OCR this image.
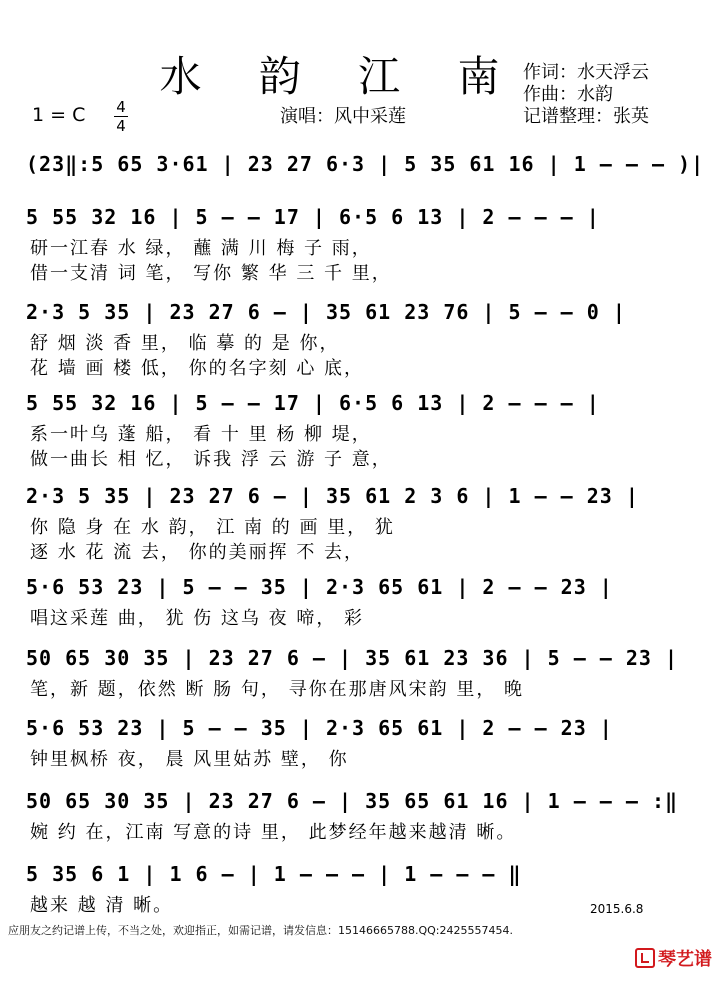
水 韵 江 南 作词：水天浮云
作曲：水韵
记谱整理：张英
1 = C 4
4	演唱：风中采莲
(23‖:5 65 3·61 | 23 27 6·3 | 5 35 61 16 | 1 — — — )|
5 55 32 16 | 5 — — 17 | 6·5 6 13 | 2 — — — |
研一江春 水 绿， 蘸 满 川 梅 子 雨，
借一支清 词 笔， 写你 繁 华 三 千 里，
2·3 5 35 | 23 27 6 — | 35 61 23 76 | 5 — — 0 |
舒 烟 淡 香 里， 临 摹 的 是 你，
花 墙 画 楼 低， 你的名字刻 心 底，
5 55 32 16 | 5 — — 17 | 6·5 6 13 | 2 — — — |
系一叶乌 蓬 船， 看 十 里 杨 柳 堤，
做一曲长 相 忆， 诉我 浮 云 游 子 意，
2·3 5 35 | 23 27 6 — | 35 61 2 3 6 | 1 — — 23 |
你 隐 身 在 水 韵， 江 南 的 画 里， 犹
逐 水 花 流 去， 你的美丽挥 不 去，
5·6 53 23 | 5 — — 35 | 2·3 65 61 | 2 — — 23 |
唱这采莲 曲， 犹 伤 这乌 夜 啼， 彩
50 65 30 35 | 23 27 6 — | 35 61 23 36 | 5 — — 23 |
笔，新 题，依然 断 肠 句， 寻你在那唐风宋韵 里， 晚
5·6 53 23 | 5 — — 35 | 2·3 65 61 | 2 — — 23 |
钟里枫桥 夜， 晨 风里姑苏 壁， 你
50 65 30 35 | 23 27 6 — | 35 65 61 16 | 1 — — — :‖
婉 约 在，江南 写意的诗 里， 此梦经年越来越清 晰。
5 35 6 1 | 1 6 — | 1 — — — | 1 — — — ‖
越来 越 清 晰。	2015.6.8
应朋友之约记谱上传，不当之处，欢迎指正，如需记谱，请发信息：15146665788.QQ:2425557454.
琴艺谱
